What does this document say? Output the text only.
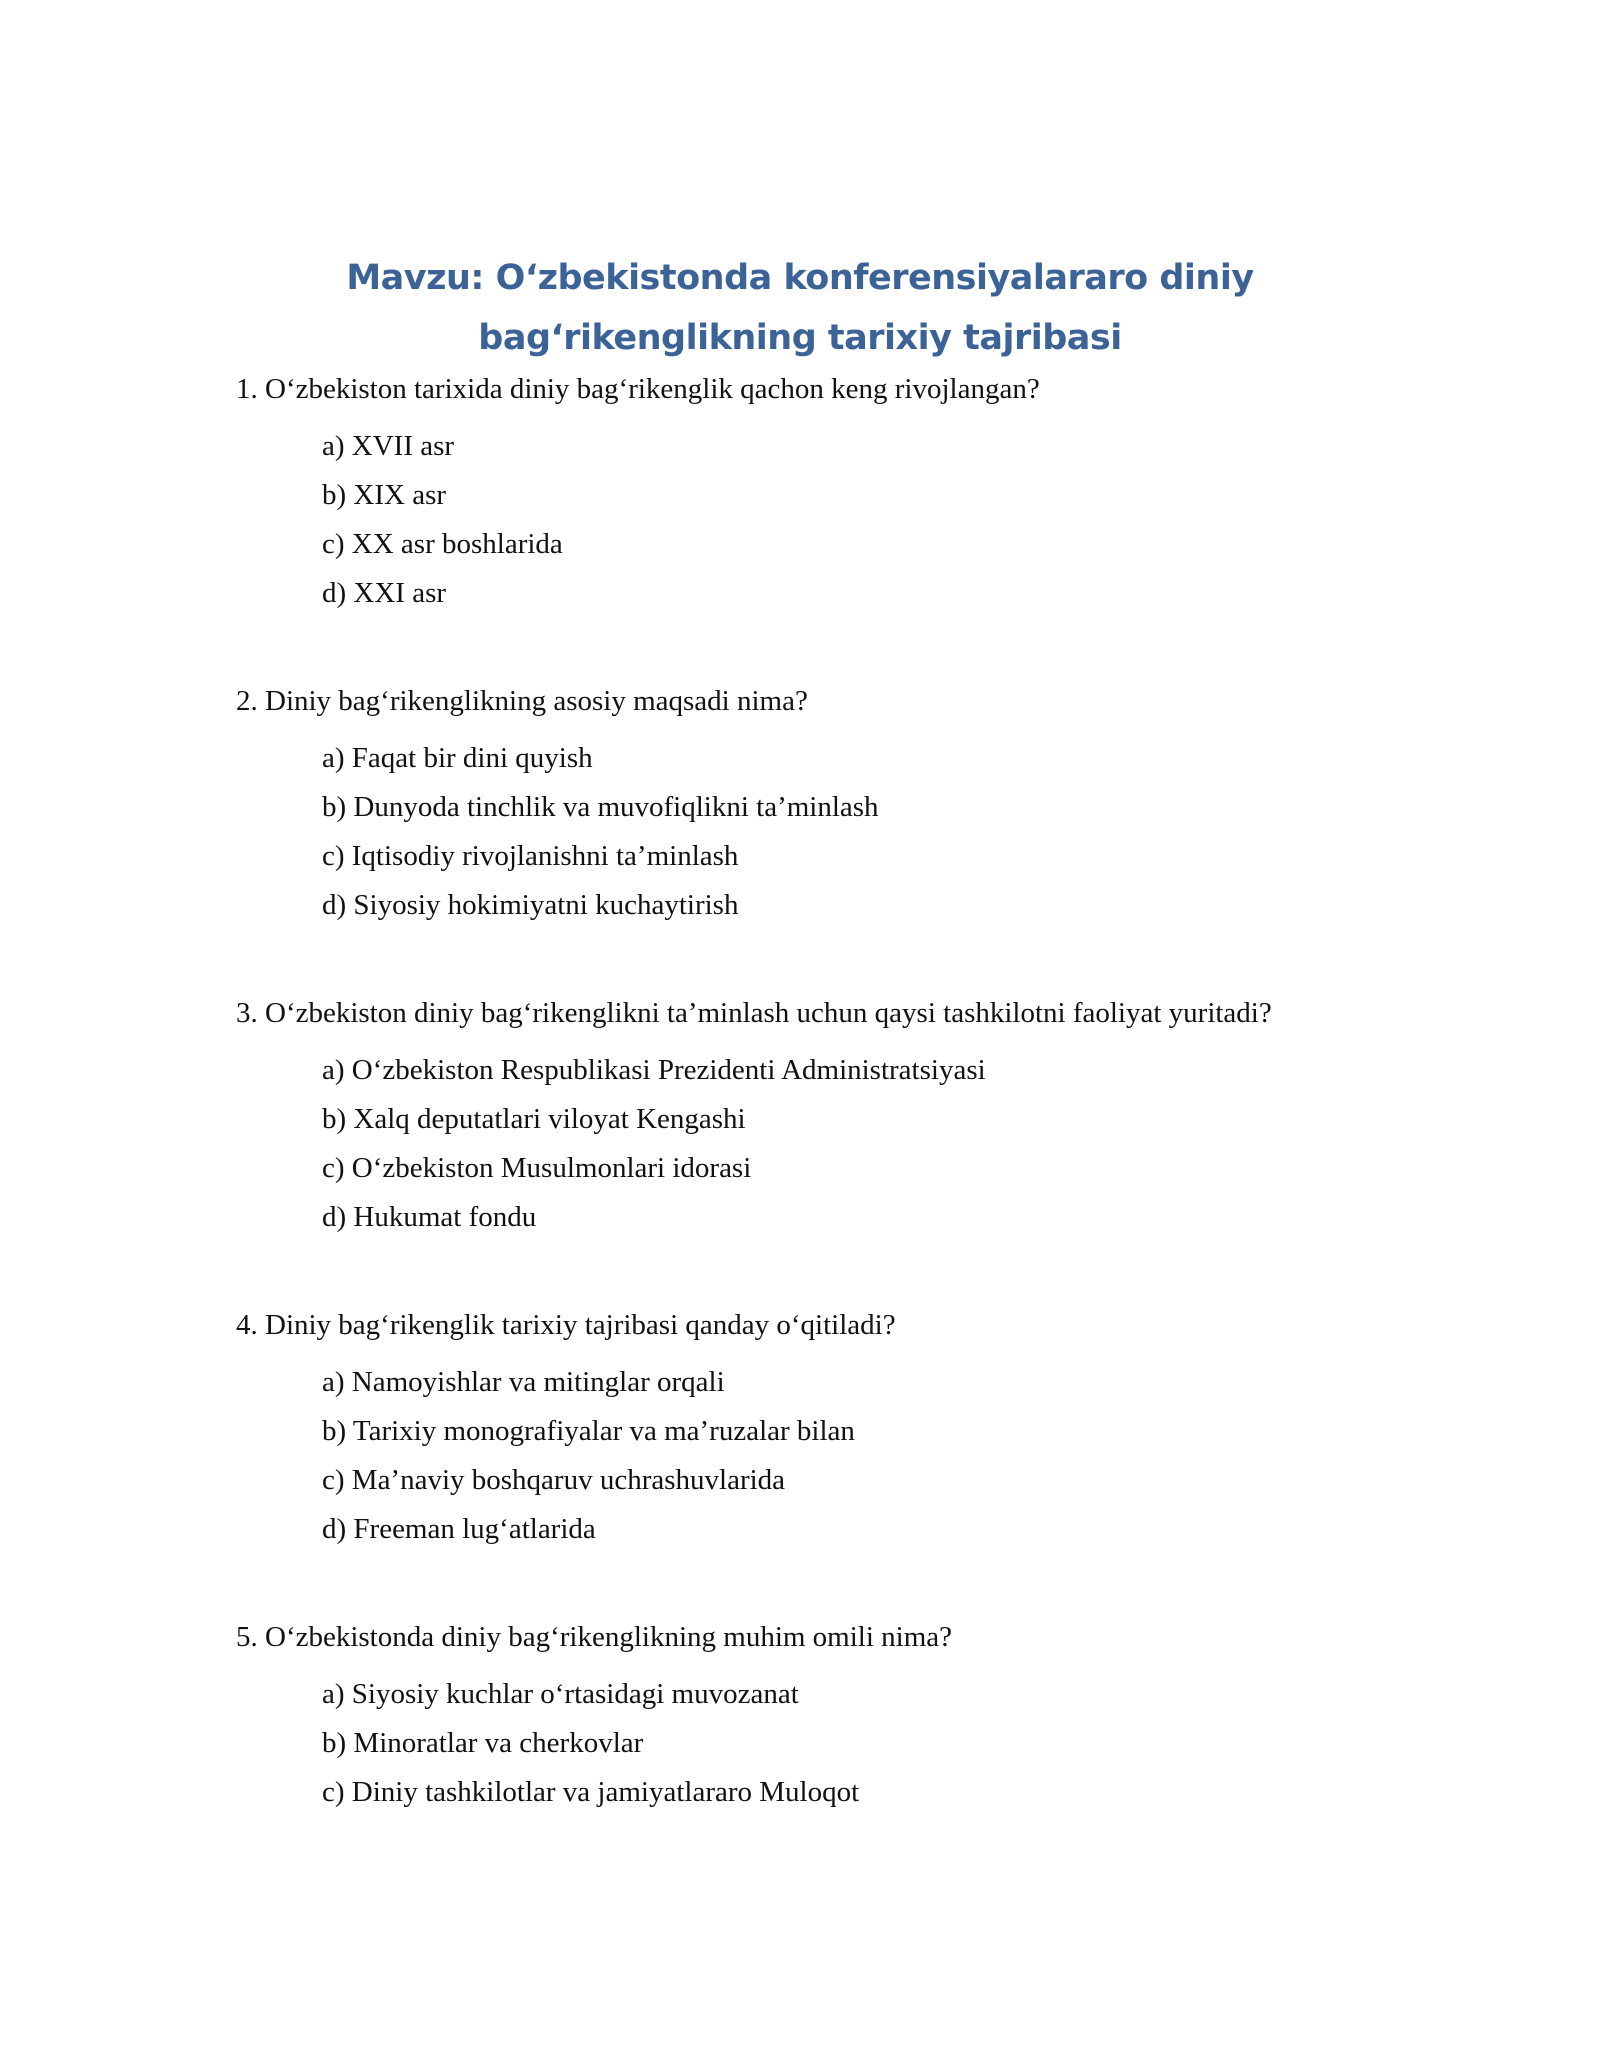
Mavzu: O‘zbekistonda konferensiyalararo diniy bag‘rikenglikning tarixiy tajribasi

1. O‘zbekiston tarixida diniy bag‘rikenglik qachon keng rivojlangan?

a) XVII asr

b) XIX asr

c) XX asr boshlarida

d) XXI asr

2. Diniy bag‘rikenglikning asosiy maqsadi nima?

a) Faqat bir dini quyish

b) Dunyoda tinchlik va muvofiqlikni ta’minlash

c) Iqtisodiy rivojlanishni ta’minlash

d) Siyosiy hokimiyatni kuchaytirish

3. O‘zbekiston diniy bag‘rikenglikni ta’minlash uchun qaysi tashkilotni faoliyat yuritadi?

a) O‘zbekiston Respublikasi Prezidenti Administratsiyasi

b) Xalq deputatlari viloyat Kengashi

c) O‘zbekiston Musulmonlari idorasi

d) Hukumat fondu

4. Diniy bag‘rikenglik tarixiy tajribasi qanday o‘qitiladi?

a) Namoyishlar va mitinglar orqali

b) Tarixiy monografiyalar va ma’ruzalar bilan

c) Ma’naviy boshqaruv uchrashuvlarida

d) Freeman lug‘atlarida

5. O‘zbekistonda diniy bag‘rikenglikning muhim omili nima?

a) Siyosiy kuchlar o‘rtasidagi muvozanat

b) Minoratlar va cherkovlar

c) Diniy tashkilotlar va jamiyatlararo Muloqot
